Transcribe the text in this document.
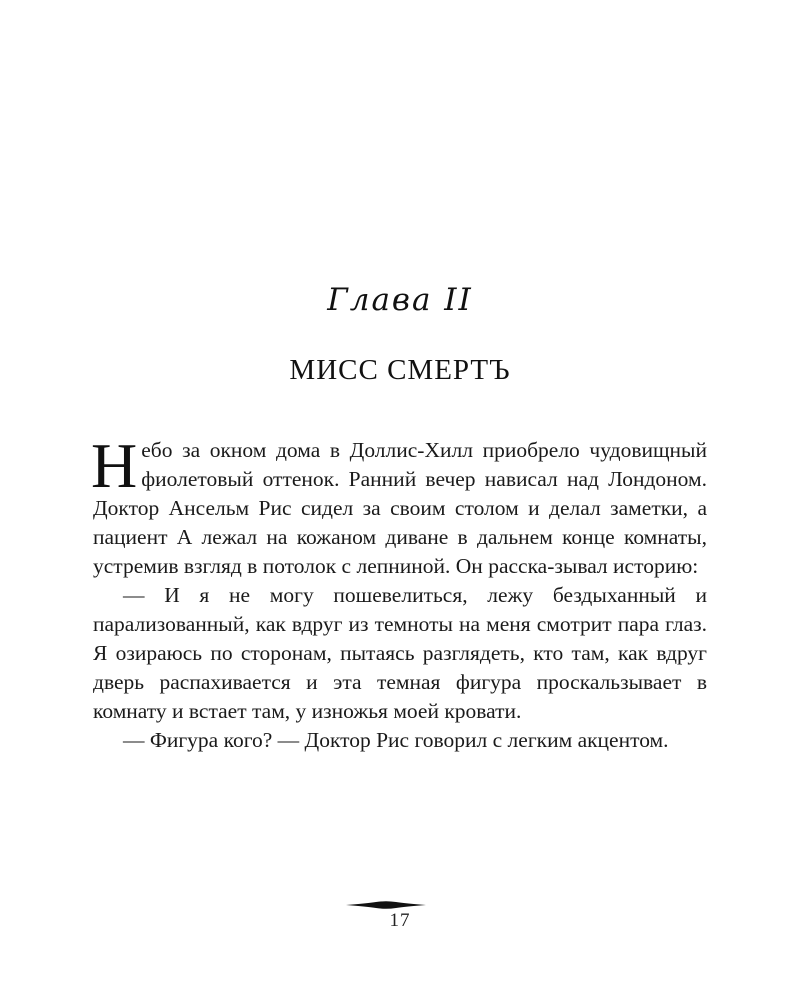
Глава II
МИСС СМЕРТЪ

Небо за окном дома в Доллис-Хилл приобрело чудовищный фиолетовый оттенок. Ранний вечер нависал над Лондоном. Доктор Ансельм Рис сидел за своим столом и делал заметки, а пациент А лежал на кожаном диване в дальнем конце комнаты, устремив взгляд в потолок с лепниной. Он расска-зывал историю:

— И я не могу пошевелиться, лежу бездыханный и парализованный, как вдруг из темноты на меня смотрит пара глаз. Я озираюсь по сторонам, пытаясь разглядеть, кто там, как вдруг дверь распахивается и эта темная фигура проскальзывает в комнату и встает там, у изножья моей кровати.

— Фигура кого? — Доктор Рис говорил с легким акцентом.

17
